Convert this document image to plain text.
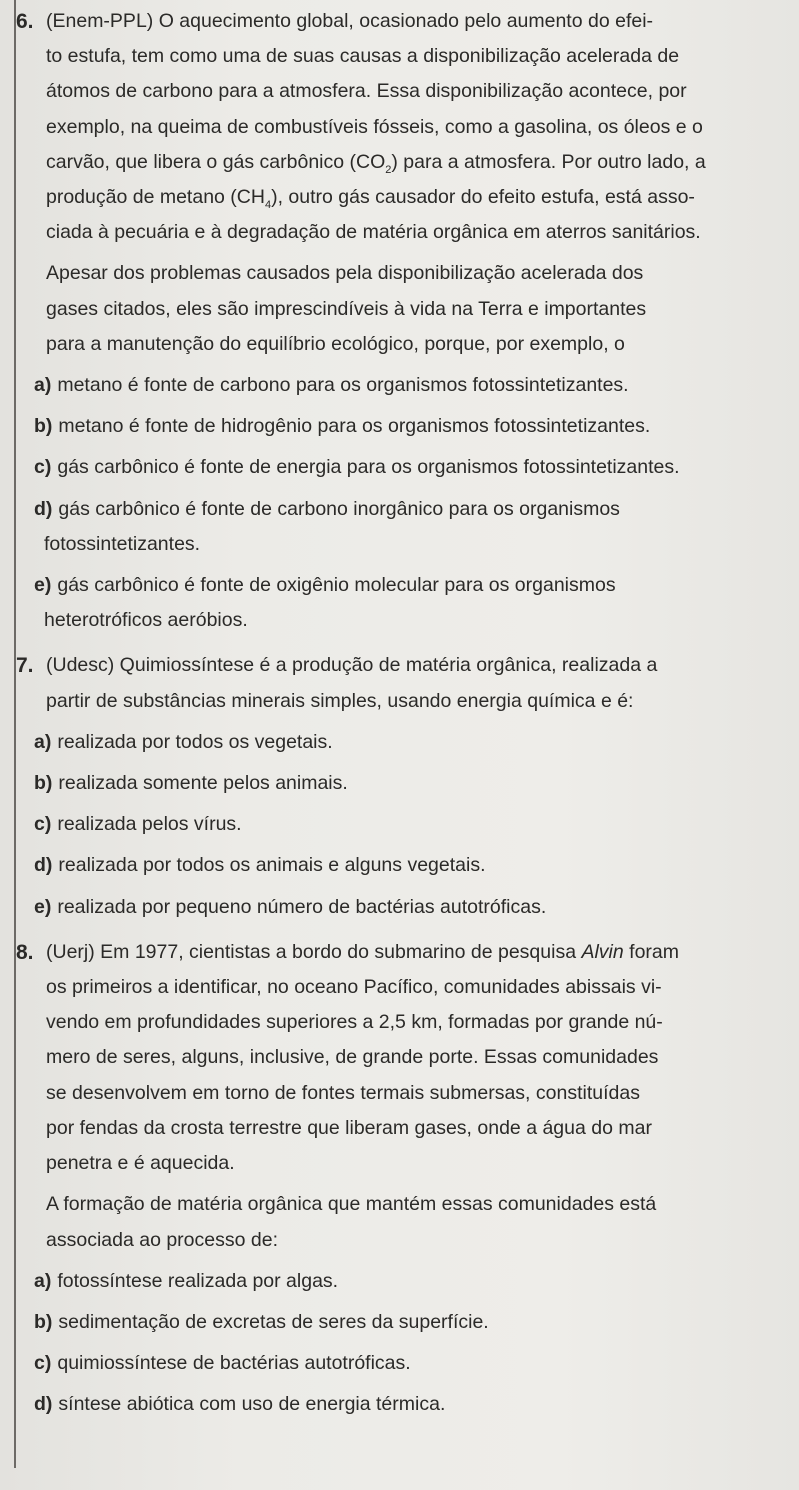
6. (Enem-PPL) O aquecimento global, ocasionado pelo aumento do efei-
to estufa, tem como uma de suas causas a disponibilização acelerada de
átomos de carbono para a atmosfera. Essa disponibilização acontece, por
exemplo, na queima de combustíveis fósseis, como a gasolina, os óleos e o
carvão, que libera o gás carbônico $(CO_2)$ para a atmosfera. Por outro lado, a
produção de metano $(CH_4)$, outro gás causador do efeito estufa, está asso-
ciada à pecuária e à degradação de matéria orgânica em aterros sanitários.
Apesar dos problemas causados pela disponibilização acelerada dos
gases citados, eles são imprescindíveis à vida na Terra e importantes
para a manutenção do equilíbrio ecológico, porque, por exemplo, o
a) metano é fonte de carbono para os organismos fotossintetizantes.
b) metano é fonte de hidrogênio para os organismos fotossintetizantes.
c) gás carbônico é fonte de energia para os organismos fotossintetizantes.
d) gás carbônico é fonte de carbono inorgânico para os organismos
fotossintetizantes.
e) gás carbônico é fonte de oxigênio molecular para os organismos
heterotróficos aeróbios.
7. (Udesc) Quimiossíntese é a produção de matéria orgânica, realizada a
partir de substâncias minerais simples, usando energia química e é:
a) realizada por todos os vegetais.
b) realizada somente pelos animais.
c) realizada pelos vírus.
d) realizada por todos os animais e alguns vegetais.
e) realizada por pequeno número de bactérias autotróficas.
8. (Uerj) Em 1977, cientistas a bordo do submarino de pesquisa Alvin foram
os primeiros a identificar, no oceano Pacífico, comunidades abissais vi-
vendo em profundidades superiores a 2,5 km, formadas por grande nú-
mero de seres, alguns, inclusive, de grande porte. Essas comunidades
se desenvolvem em torno de fontes termais submersas, constituídas
por fendas da crosta terrestre que liberam gases, onde a água do mar
penetra e é aquecida.
A formação de matéria orgânica que mantém essas comunidades está
associada ao processo de:
a) fotossíntese realizada por algas.
b) sedimentação de excretas de seres da superfície.
c) quimiossíntese de bactérias autotróficas.
d) síntese abiótica com uso de energia térmica.
